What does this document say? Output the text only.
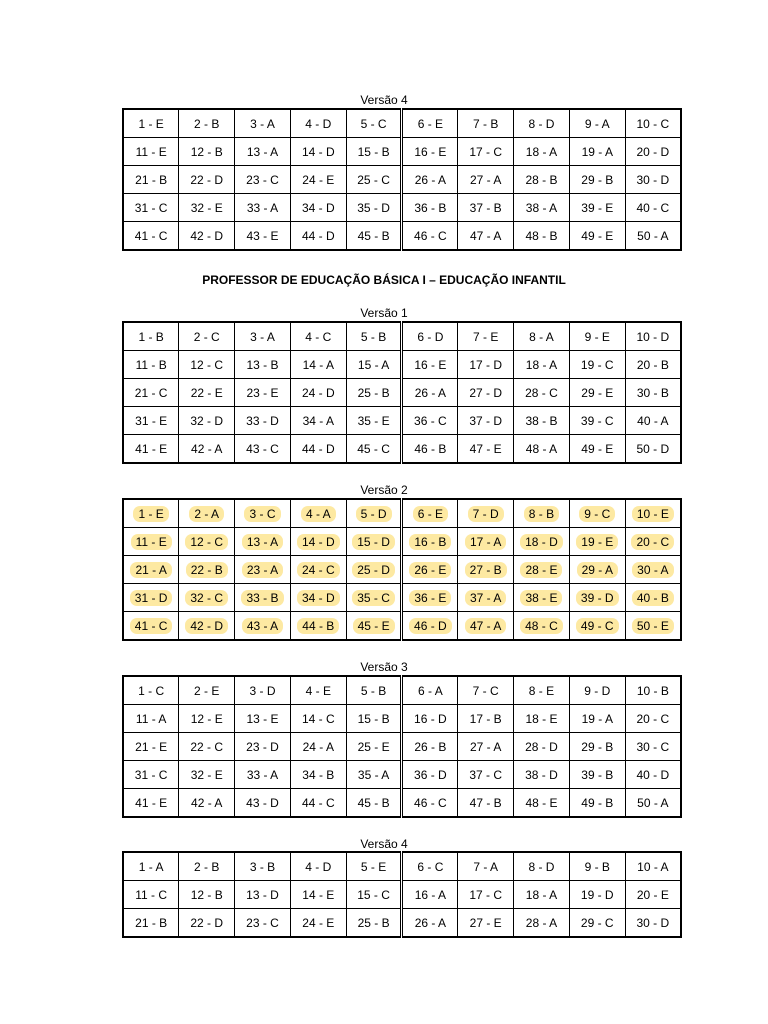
Versão 4
1 - E	2 - B	3 - A	4 - D	5 - C	6 - E	7 - B	8 - D	9 - A	10 - C
11 - E	12 - B	13 - A	14 - D	15 - B	16 - E	17 - C	18 - A	19 - A	20 - D
21 - B	22 - D	23 - C	24 - E	25 - C	26 - A	27 - A	28 - B	29 - B	30 - D
31 - C	32 - E	33 - A	34 - D	35 - D	36 - B	37 - B	38 - A	39 - E	40 - C
41 - C	42 - D	43 - E	44 - D	45 - B	46 - C	47 - A	48 - B	49 - E	50 - A
PROFESSOR DE EDUCAÇÃO BÁSICA I – EDUCAÇÃO INFANTIL
Versão 1
1 - B	2 - C	3 - A	4 - C	5 - B	6 - D	7 - E	8 - A	9 - E	10 - D
11 - B	12 - C	13 - B	14 - A	15 - A	16 - E	17 - D	18 - A	19 - C	20 - B
21 - C	22 - E	23 - E	24 - D	25 - B	26 - A	27 - D	28 - C	29 - E	30 - B
31 - E	32 - D	33 - D	34 - A	35 - E	36 - C	37 - D	38 - B	39 - C	40 - A
41 - E	42 - A	43 - C	44 - D	45 - C	46 - B	47 - E	48 - A	49 - E	50 - D
Versão 2
1 - E	2 - A	3 - C	4 - A	5 - D	6 - E	7 - D	8 - B	9 - C	10 - E
11 - E	12 - C	13 - A	14 - D	15 - D	16 - B	17 - A	18 - D	19 - E	20 - C
21 - A	22 - B	23 - A	24 - C	25 - D	26 - E	27 - B	28 - E	29 - A	30 - A
31 - D	32 - C	33 - B	34 - D	35 - C	36 - E	37 - A	38 - E	39 - D	40 - B
41 - C	42 - D	43 - A	44 - B	45 - E	46 - D	47 - A	48 - C	49 - C	50 - E
Versão 3
1 - C	2 - E	3 - D	4 - E	5 - B	6 - A	7 - C	8 - E	9 - D	10 - B
11 - A	12 - E	13 - E	14 - C	15 - B	16 - D	17 - B	18 - E	19 - A	20 - C
21 - E	22 - C	23 - D	24 - A	25 - E	26 - B	27 - A	28 - D	29 - B	30 - C
31 - C	32 - E	33 - A	34 - B	35 - A	36 - D	37 - C	38 - D	39 - B	40 - D
41 - E	42 - A	43 - D	44 - C	45 - B	46 - C	47 - B	48 - E	49 - B	50 - A
Versão 4
1 - A	2 - B	3 - B	4 - D	5 - E	6 - C	7 - A	8 - D	9 - B	10 - A
11 - C	12 - B	13 - D	14 - E	15 - C	16 - A	17 - C	18 - A	19 - D	20 - E
21 - B	22 - D	23 - C	24 - E	25 - B	26 - A	27 - E	28 - A	29 - C	30 - D
